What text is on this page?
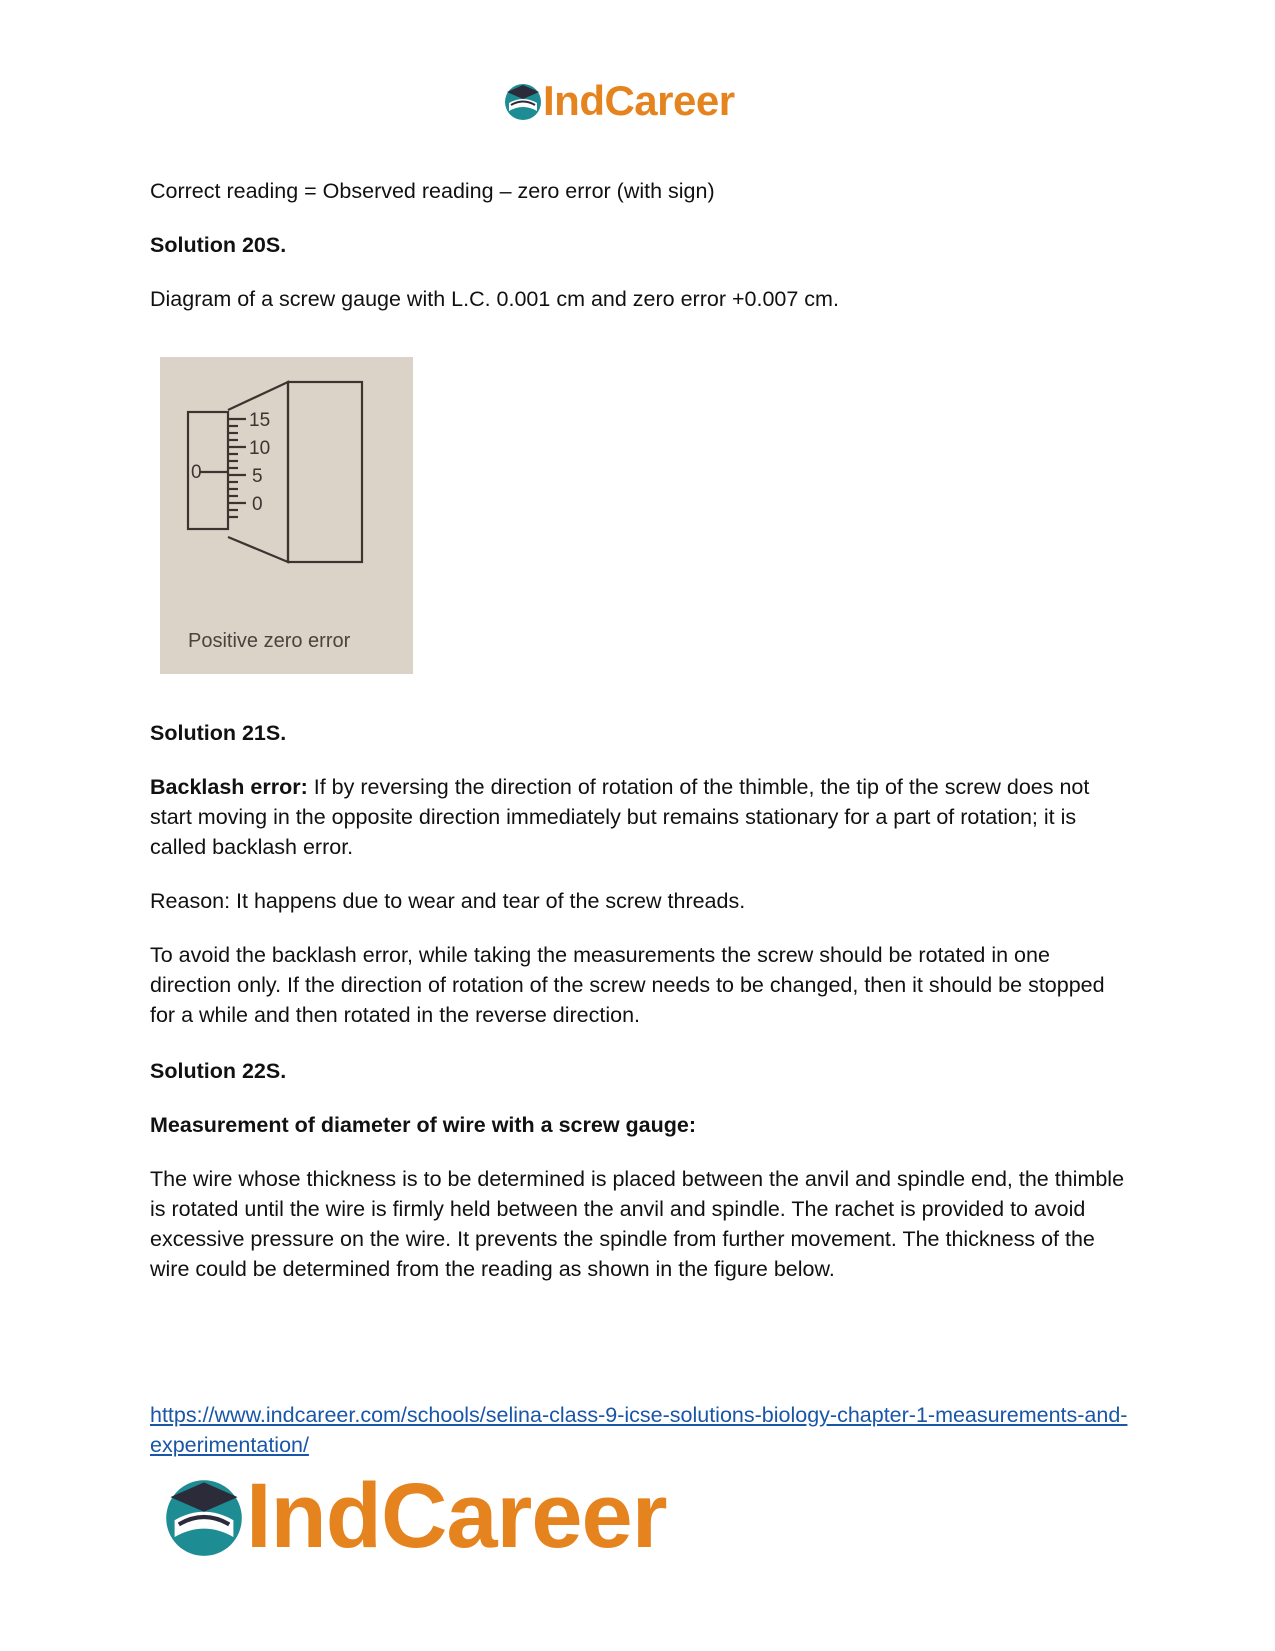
IndCareer

Correct reading = Observed reading – zero error (with sign)

Solution 20S.

Diagram of a screw gauge with L.C. 0.001 cm and zero error +0.007 cm.

15
10
5
0
0
Positive zero error

Solution 21S.

Backlash error: If by reversing the direction of rotation of the thimble, the tip of the screw does not start moving in the opposite direction immediately but remains stationary for a part of rotation; it is called backlash error.

Reason: It happens due to wear and tear of the screw threads.

To avoid the backlash error, while taking the measurements the screw should be rotated in one direction only. If the direction of rotation of the screw needs to be changed, then it should be stopped for a while and then rotated in the reverse direction.

Solution 22S.

Measurement of diameter of wire with a screw gauge:

The wire whose thickness is to be determined is placed between the anvil and spindle end, the thimble is rotated until the wire is firmly held between the anvil and spindle. The rachet is provided to avoid excessive pressure on the wire. It prevents the spindle from further movement. The thickness of the wire could be determined from the reading as shown in the figure below.

https://www.indcareer.com/schools/selina-class-9-icse-solutions-biology-chapter-1-measurements-and-experimentation/
IndCareer
